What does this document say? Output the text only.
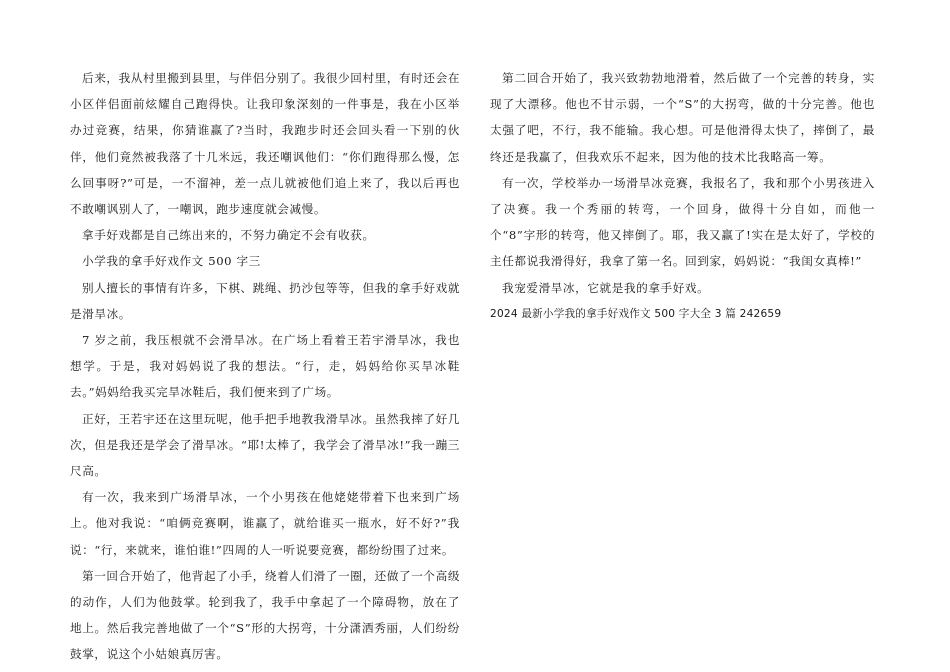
后来，我从村里搬到县里，与伴侣分别了。我很少回村里，有时还会在小区伴侣面前炫耀自己跑得快。让我印象深刻的一件事是，我在小区举办过竞赛，结果，你猜谁赢了?当时，我跑步时还会回头看一下别的伙伴，他们竟然被我落了十几米远，我还嘲讽他们：“你们跑得那么慢，怎么回事呀?”可是，一不溜神，差一点儿就被他们追上来了，我以后再也不敢嘲讽别人了，一嘲讽，跑步速度就会减慢。

拿手好戏都是自己练出来的，不努力确定不会有收获。

小学我的拿手好戏作文 500 字三

别人擅长的事情有许多，下棋、跳绳、扔沙包等等，但我的拿手好戏就是滑旱冰。

7 岁之前，我压根就不会滑旱冰。在广场上看着王若宇滑旱冰，我也想学。于是，我对妈妈说了我的想法。“行，走，妈妈给你买旱冰鞋去。”妈妈给我买完旱冰鞋后，我们便来到了广场。

正好，王若宇还在这里玩呢，他手把手地教我滑旱冰。虽然我摔了好几次，但是我还是学会了滑旱冰。“耶!太棒了，我学会了滑旱冰!”我一蹦三尺高。

有一次，我来到广场滑旱冰，一个小男孩在他姥姥带着下也来到广场上。他对我说：“咱俩竞赛啊，谁赢了，就给谁买一瓶水，好不好?”我说：“行，来就来，谁怕谁!”四周的人一听说要竞赛，都纷纷围了过来。

第一回合开始了，他背起了小手，绕着人们滑了一圈，还做了一个高级的动作，人们为他鼓掌。轮到我了，我手中拿起了一个障碍物，放在了地上。然后我完善地做了一个“S”形的大拐弯，十分潇洒秀丽，人们纷纷鼓掌，说这个小姑娘真厉害。

第二回合开始了，我兴致勃勃地滑着，然后做了一个完善的转身，实现了大漂移。他也不甘示弱，一个“S”的大拐弯，做的十分完善。他也太强了吧，不行，我不能输。我心想。可是他滑得太快了，摔倒了，最终还是我赢了，但我欢乐不起来，因为他的技术比我略高一筹。

有一次，学校举办一场滑旱冰竞赛，我报名了，我和那个小男孩进入了决赛。我一个秀丽的转弯，一个回身，做得十分自如，而他一个“8”字形的转弯，他又摔倒了。耶，我又赢了!实在是太好了，学校的主任都说我滑得好，我拿了第一名。回到家，妈妈说：“我闺女真棒!”

我宠爱滑旱冰，它就是我的拿手好戏。

2024 最新小学我的拿手好戏作文 500 字大全 3 篇 242659
